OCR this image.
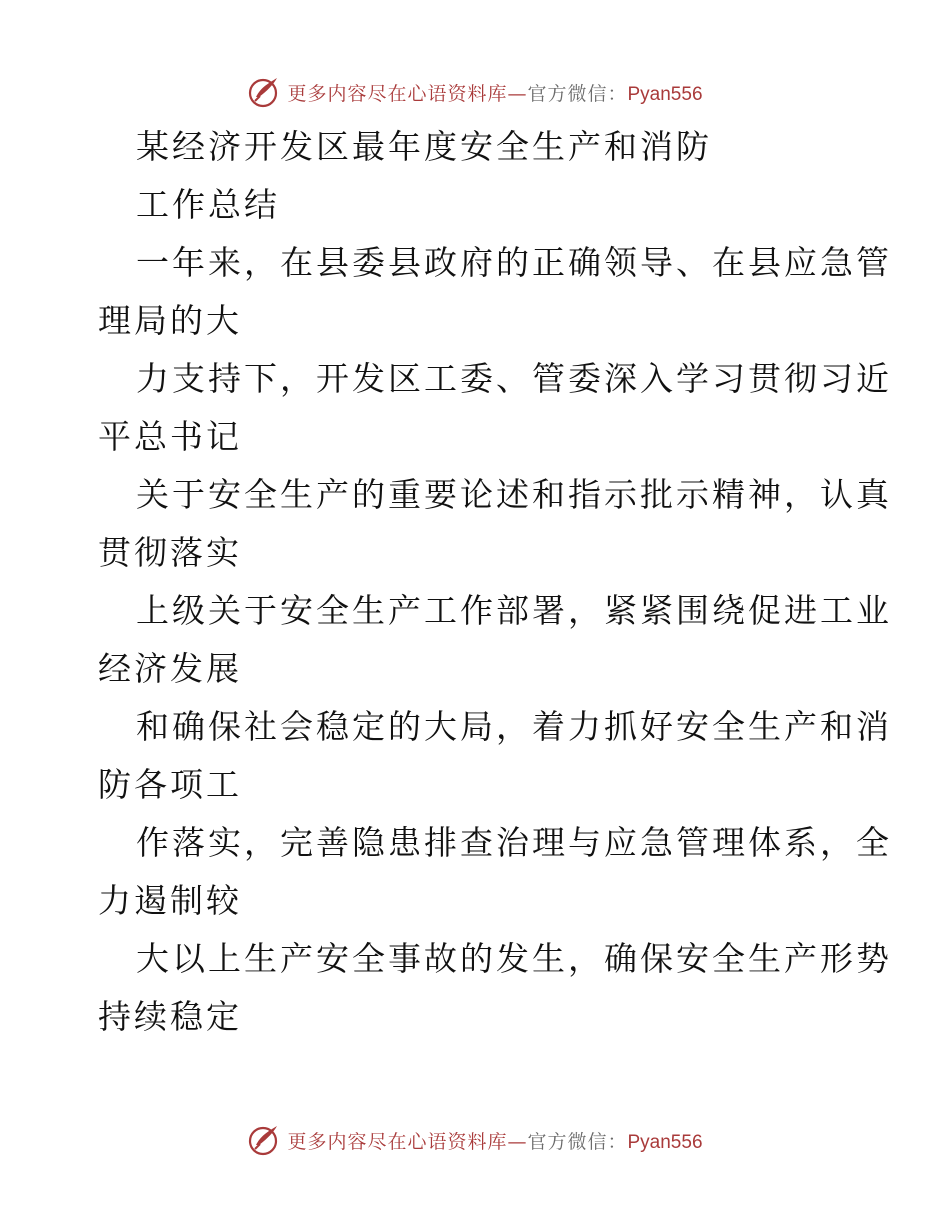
更多内容尽在心语资料库—官方微信：Pyan556
某经济开发区最年度安全生产和消防
工作总结
一年来，在县委县政府的正确领导、在县应急管
理局的大
力支持下，开发区工委、管委深入学习贯彻习近
平总书记
关于安全生产的重要论述和指示批示精神，认真
贯彻落实
上级关于安全生产工作部署，紧紧围绕促进工业
经济发展
和确保社会稳定的大局，着力抓好安全生产和消
防各项工
作落实，完善隐患排查治理与应急管理体系，全
力遏制较
大以上生产安全事故的发生，确保安全生产形势
持续稳定
更多内容尽在心语资料库—官方微信：Pyan556
